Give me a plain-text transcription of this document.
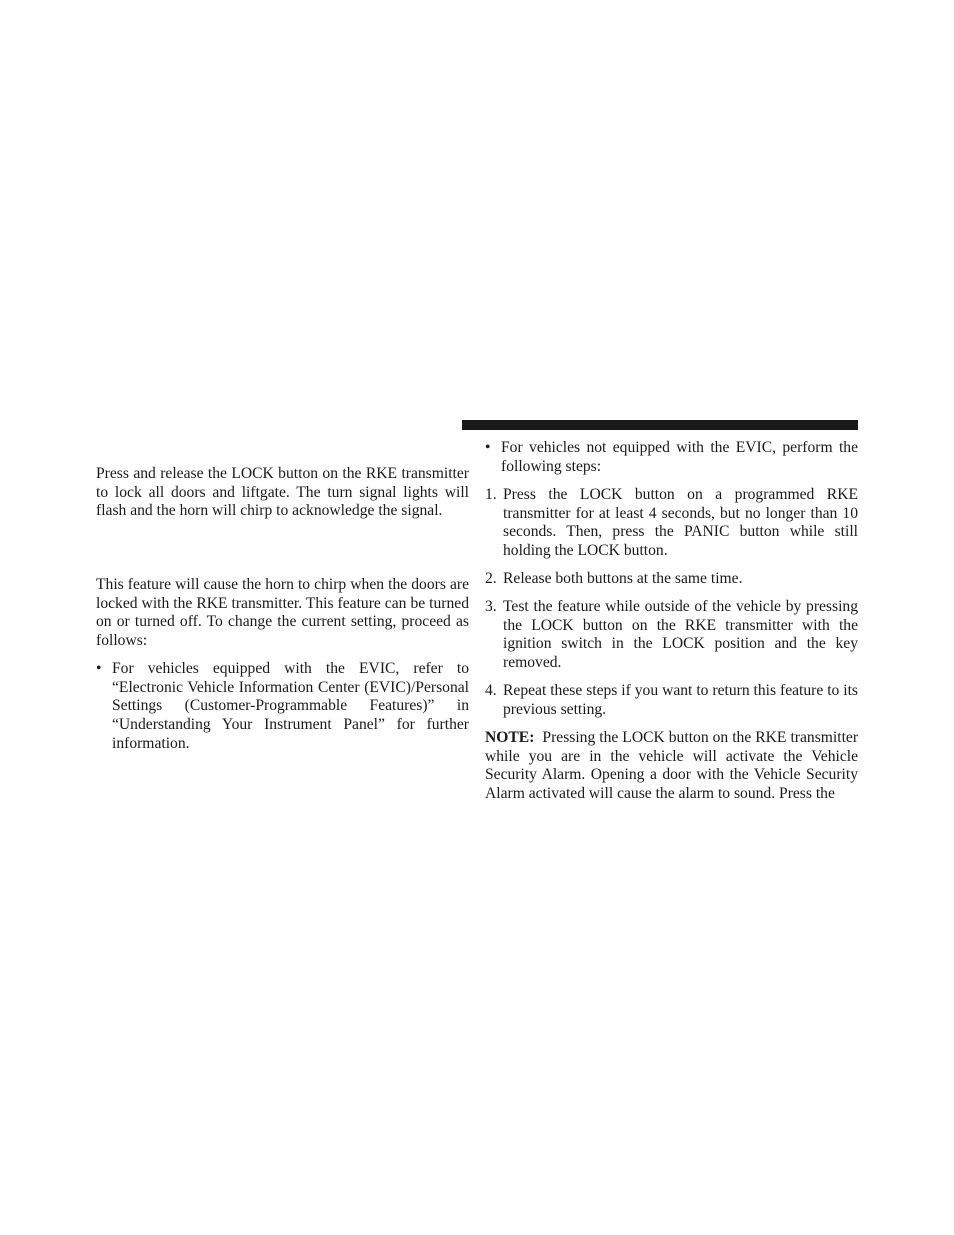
Press and release the LOCK button on the RKE transmitter to lock all doors and liftgate. The turn signal lights will flash and the horn will chirp to acknowledge the signal.

This feature will cause the horn to chirp when the doors are locked with the RKE transmitter. This feature can be turned on or turned off. To change the current setting, proceed as follows:

• For vehicles equipped with the EVIC, refer to “Electronic Vehicle Information Center (EVIC)/Personal Settings (Customer-Programmable Features)” in “Understanding Your Instrument Panel” for further information.
• For vehicles not equipped with the EVIC, perform the following steps:
1. Press the LOCK button on a programmed RKE transmitter for at least 4 seconds, but no longer than 10 seconds. Then, press the PANIC button while still holding the LOCK button.
2. Release both buttons at the same time.
3. Test the feature while outside of the vehicle by pressing the LOCK button on the RKE transmitter with the ignition switch in the LOCK position and the key removed.
4. Repeat these steps if you want to return this feature to its previous setting.

NOTE: Pressing the LOCK button on the RKE transmitter while you are in the vehicle will activate the Vehicle Security Alarm. Opening a door with the Vehicle Security Alarm activated will cause the alarm to sound. Press the
